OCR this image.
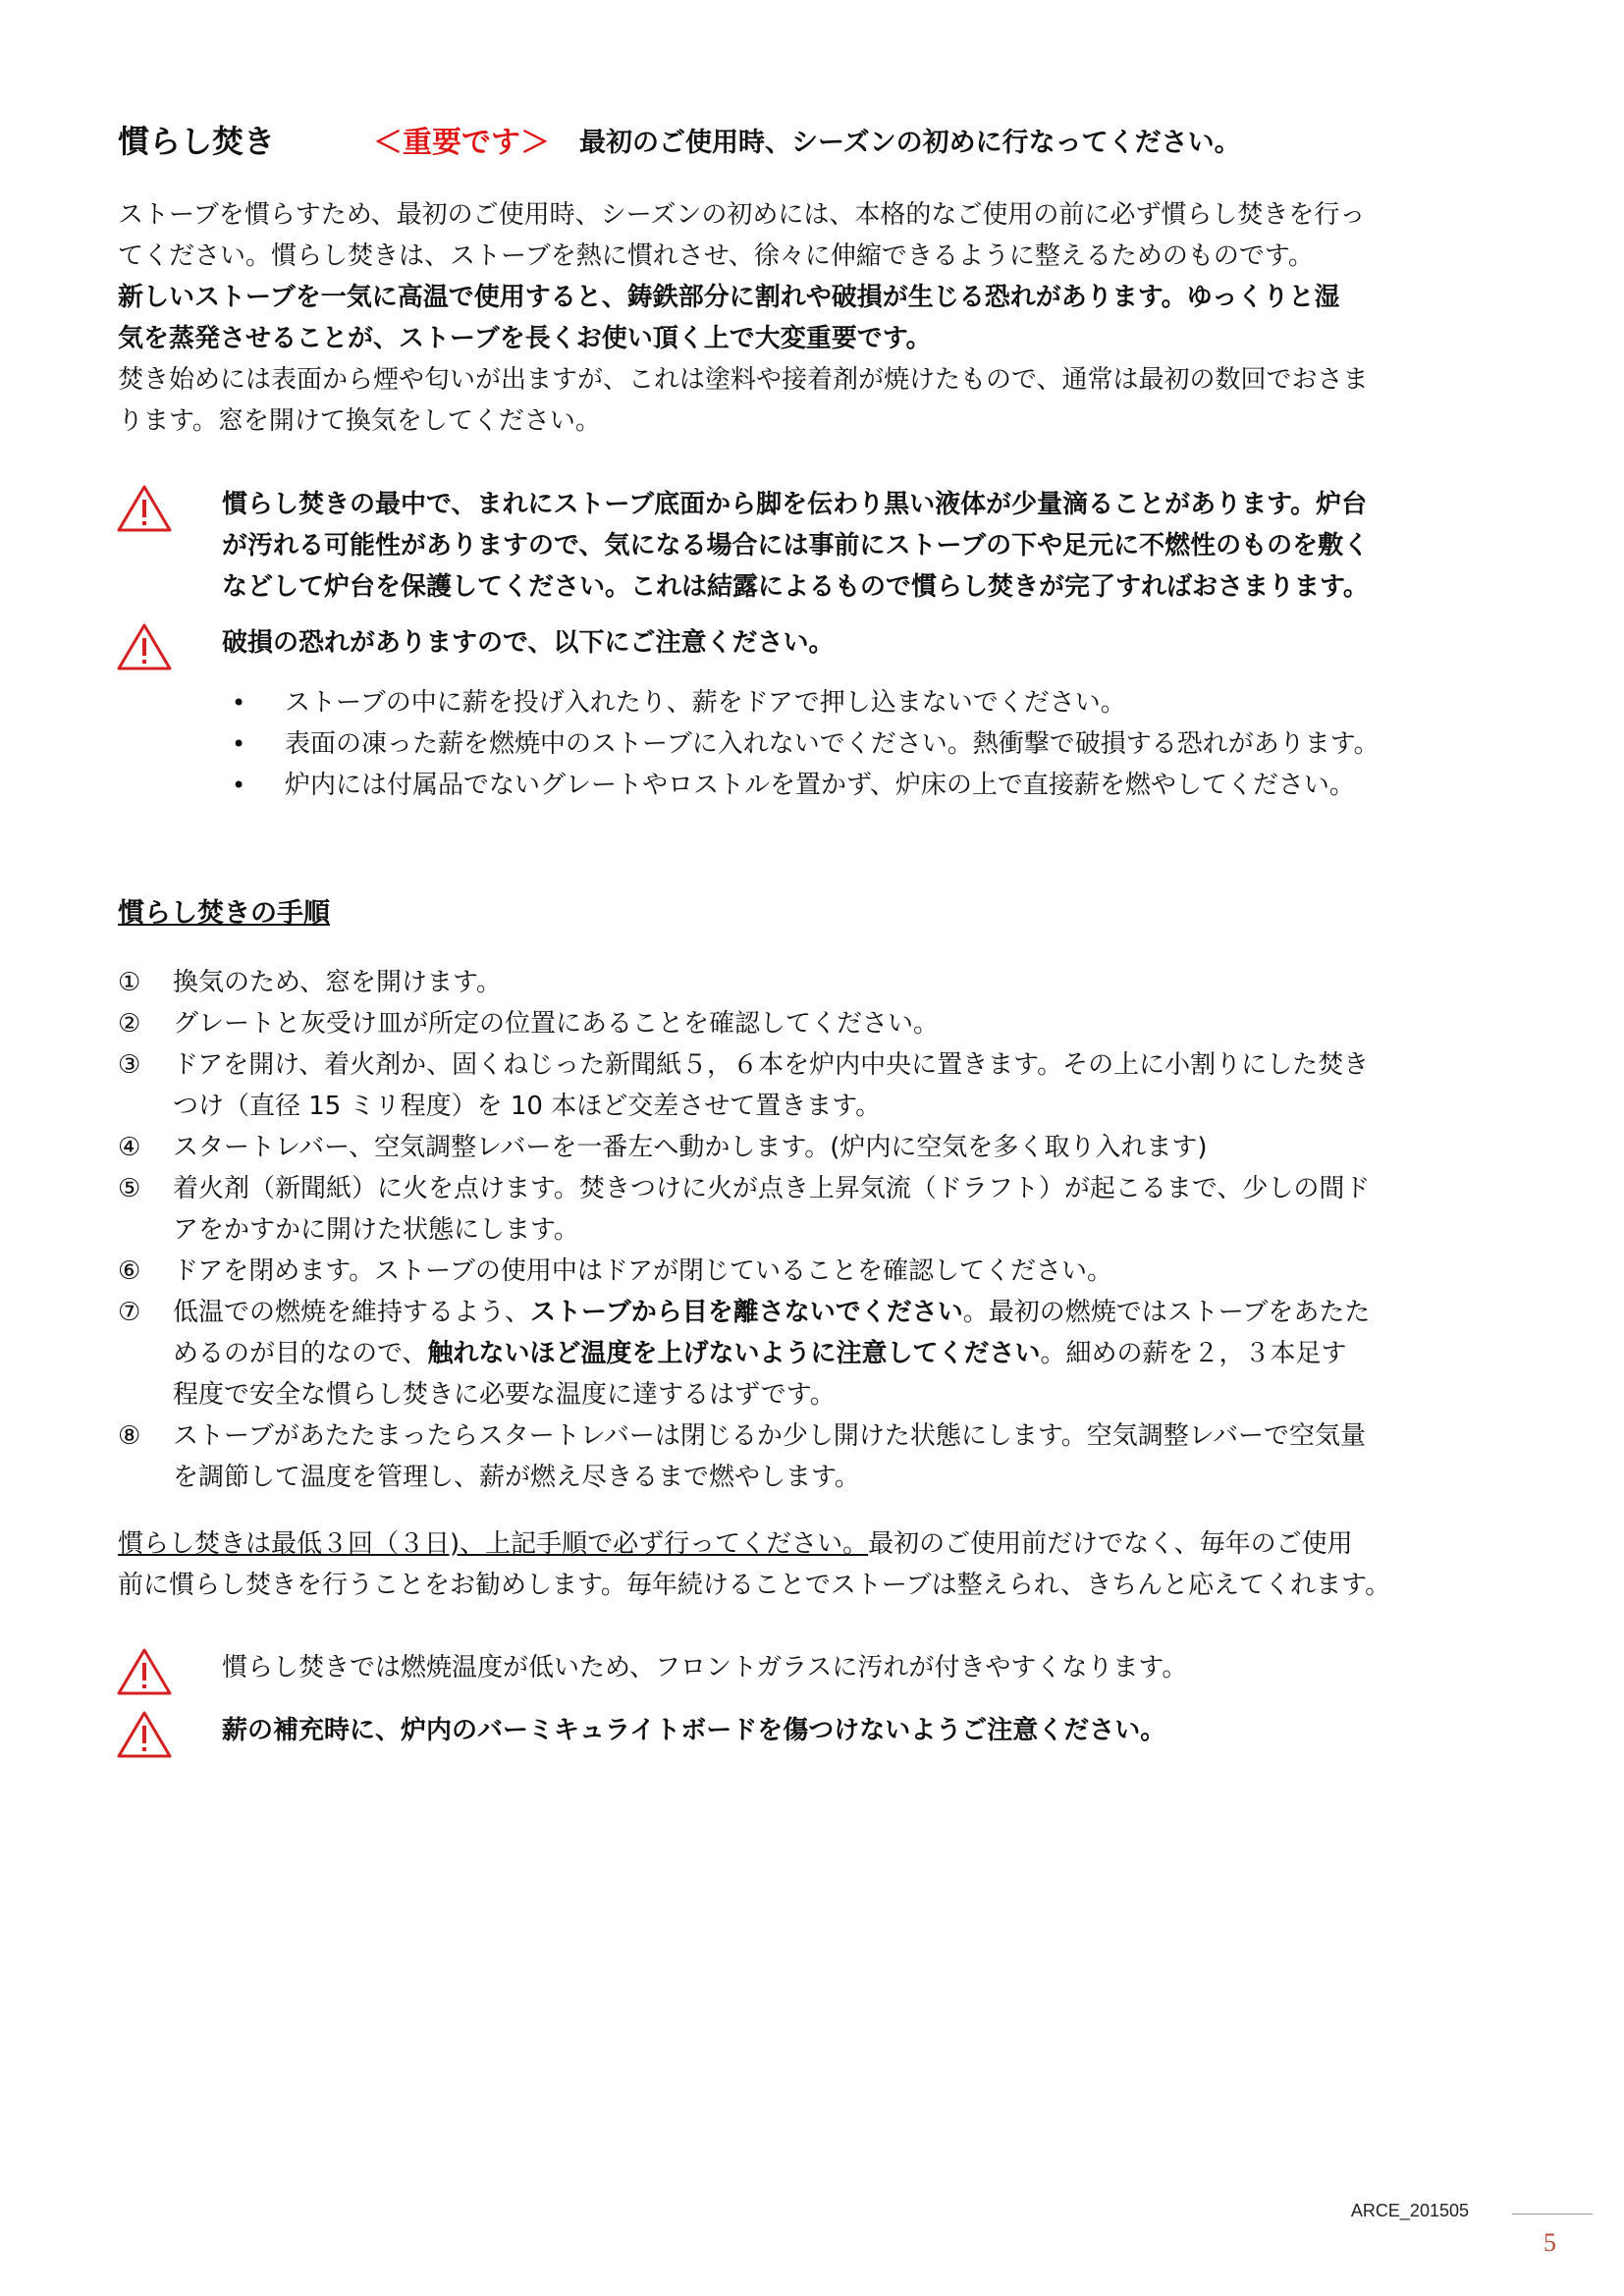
慣らし焚き	＜重要です＞	最初のご使用時、シーズンの初めに行なってください。

ストーブを慣らすため、最初のご使用時、シーズンの初めには、本格的なご使用の前に必ず慣らし焚きを行っ

てください。慣らし焚きは、ストーブを熱に慣れさせ、徐々に伸縮できるように整えるためのものです。

新しいストーブを一気に高温で使用すると、鋳鉄部分に割れや破損が生じる恐れがあります。ゆっくりと湿

気を蒸発させることが、ストーブを長くお使い頂く上で大変重要です。

焚き始めには表面から煙や匂いが出ますが、これは塗料や接着剤が焼けたもので、通常は最初の数回でおさま

ります。窓を開けて換気をしてください。

慣らし焚きの最中で、まれにストーブ底面から脚を伝わり黒い液体が少量滴ることがあります。炉台
が汚れる可能性がありますので、気になる場合には事前にストーブの下や足元に不燃性のものを敷く
などして炉台を保護してください。これは結露によるもので慣らし焚きが完了すればおさまります。
破損の恐れがありますので、以下にご注意ください。
• ストーブの中に薪を投げ入れたり、薪をドアで押し込まないでください。
• 表面の凍った薪を燃焼中のストーブに入れないでください。熱衝撃で破損する恐れがあります。
• 炉内には付属品でないグレートやロストルを置かず、炉床の上で直接薪を燃やしてください。
慣らし焚きの手順
①	換気のため、窓を開けます。
②	グレートと灰受け皿が所定の位置にあることを確認してください。
③	ドアを開け、着火剤か、固くねじった新聞紙５，６本を炉内中央に置きます。その上に小割りにした焚き
つけ（直径 15 ミリ程度）を 10 本ほど交差させて置きます。
④	スタートレバー、空気調整レバーを一番左へ動かします。(炉内に空気を多く取り入れます)
⑤	着火剤（新聞紙）に火を点けます。焚きつけに火が点き上昇気流（ドラフト）が起こるまで、少しの間ド
アをかすかに開けた状態にします。
⑥	ドアを閉めます。ストーブの使用中はドアが閉じていることを確認してください。
⑦	低温での燃焼を維持するよう、ストーブから目を離さないでください。最初の燃焼ではストーブをあたた
めるのが目的なので、触れないほど温度を上げないように注意してください。細めの薪を２，３本足す
程度で安全な慣らし焚きに必要な温度に達するはずです。
⑧	ストーブがあたたまったらスタートレバーは閉じるか少し開けた状態にします。空気調整レバーで空気量
を調節して温度を管理し、薪が燃え尽きるまで燃やします。

慣らし焚きは最低３回（３日)、上記手順で必ず行ってください。最初のご使用前だけでなく、毎年のご使用

前に慣らし焚きを行うことをお勧めします。毎年続けることでストーブは整えられ、きちんと応えてくれます。

慣らし焚きでは燃焼温度が低いため、フロントガラスに汚れが付きやすくなります。
薪の補充時に、炉内のバーミキュライトボードを傷つけないようご注意ください。
ARCE_201505
5
